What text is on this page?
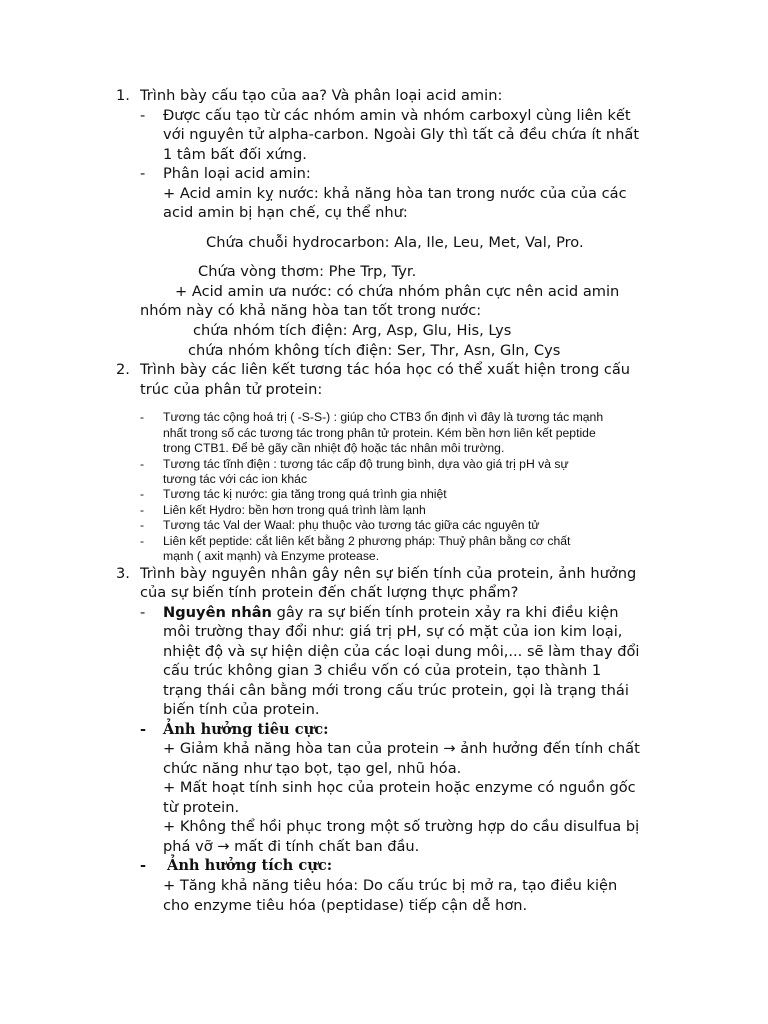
1. Trình bày cấu tạo của aa? Và phân loại acid amin:
- Được cấu tạo từ các nhóm amin và nhóm carboxyl cùng liên kết
với nguyên tử alpha-carbon. Ngoài Gly thì tất cả đều chứa ít nhất
1 tâm bất đối xứng.
- Phân loại acid amin:
+ Acid amin kỵ nước: khả năng hòa tan trong nước của của các
acid amin bị hạn chế, cụ thể như:
Chứa chuỗi hydrocarbon: Ala, Ile, Leu, Met, Val, Pro.
Chứa vòng thơm: Phe Trp, Tyr.
+ Acid amin ưa nước: có chứa nhóm phân cực nên acid amin
nhóm này có khả năng hòa tan tốt trong nước:
chứa nhóm tích điện: Arg, Asp, Glu, His, Lys
chứa nhóm không tích điện: Ser, Thr, Asn, Gln, Cys
2. Trình bày các liên kết tương tác hóa học có thể xuất hiện trong cấu
trúc của phân tử protein:
- Tương tác cộng hoá trị ( -S-S-) : giúp cho CTB3 ổn định vì đây là tương tác mạnh
nhất trong số các tương tác trong phân tử protein. Kém bền hơn liên kết peptide
trong CTB1. Để bẻ gãy cần nhiệt độ hoặc tác nhân môi trường.
- Tương tác tĩnh điện : tương tác cấp độ trung bình, dựa vào giá trị pH và sự
tương tác với các ion khác
- Tương tác kị nước: gia tăng trong quá trình gia nhiệt
- Liên kết Hydro: bền hơn trong quá trình làm lạnh
- Tương tác Val der Waal: phụ thuộc vào tương tác giữa các nguyên tử
- Liên kết peptide: cắt liên kết bằng 2 phương pháp: Thuỷ phân bằng cơ chất
mạnh ( axit mạnh) và Enzyme protease.
3. Trình bày nguyên nhân gây nên sự biến tính của protein, ảnh hưởng
của sự biến tính protein đến chất lượng thực phẩm?
- Nguyên nhân gây ra sự biến tính protein xảy ra khi điều kiện
môi trường thay đổi như: giá trị pH, sự có mặt của ion kim loại,
nhiệt độ và sự hiện diện của các loại dung môi,... sẽ làm thay đổi
cấu trúc không gian 3 chiều vốn có của protein, tạo thành 1
trạng thái cân bằng mới trong cấu trúc protein, gọi là trạng thái
biến tính của protein.
- Ảnh hưởng tiêu cực:
+ Giảm khả năng hòa tan của protein → ảnh hưởng đến tính chất
chức năng như tạo bọt, tạo gel, nhũ hóa.
+ Mất hoạt tính sinh học của protein hoặc enzyme có nguồn gốc
từ protein.
+ Không thể hồi phục trong một số trường hợp do cầu disulfua bị
phá vỡ → mất đi tính chất ban đầu.
- Ảnh hưởng tích cực:
+ Tăng khả năng tiêu hóa: Do cấu trúc bị mở ra, tạo điều kiện
cho enzyme tiêu hóa (peptidase) tiếp cận dễ hơn.
